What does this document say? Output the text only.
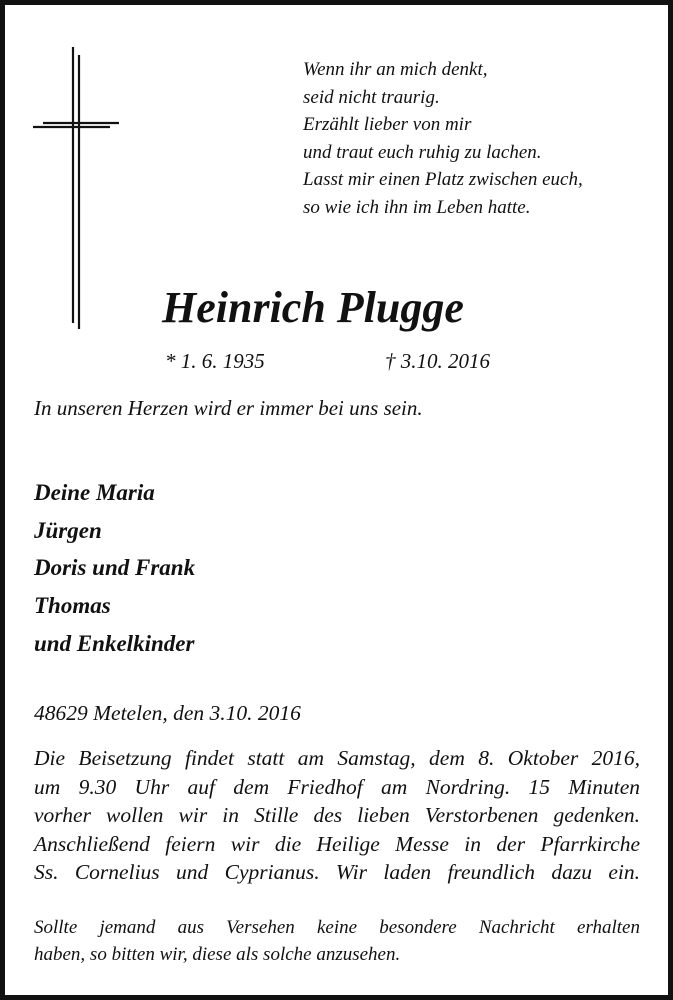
Wenn ihr an mich denkt,
seid nicht traurig.
Erzählt lieber von mir
und traut euch ruhig zu lachen.
Lasst mir einen Platz zwischen euch,
so wie ich ihn im Leben hatte.
Heinrich Plugge
* 1. 6. 1935	† 3.10. 2016
In unseren Herzen wird er immer bei uns sein.
Deine Maria
Jürgen
Doris und Frank
Thomas
und Enkelkinder
48629 Metelen, den 3.10. 2016
Die Beisetzung findet statt am Samstag, dem 8. Oktober 2016,
um 9.30 Uhr auf dem Friedhof am Nordring. 15 Minuten
vorher wollen wir in Stille des lieben Verstorbenen gedenken.
Anschließend feiern wir die Heilige Messe in der Pfarrkirche
Ss. Cornelius und Cyprianus. Wir laden freundlich dazu ein.
Sollte jemand aus Versehen keine besondere Nachricht erhalten
haben, so bitten wir, diese als solche anzusehen.
